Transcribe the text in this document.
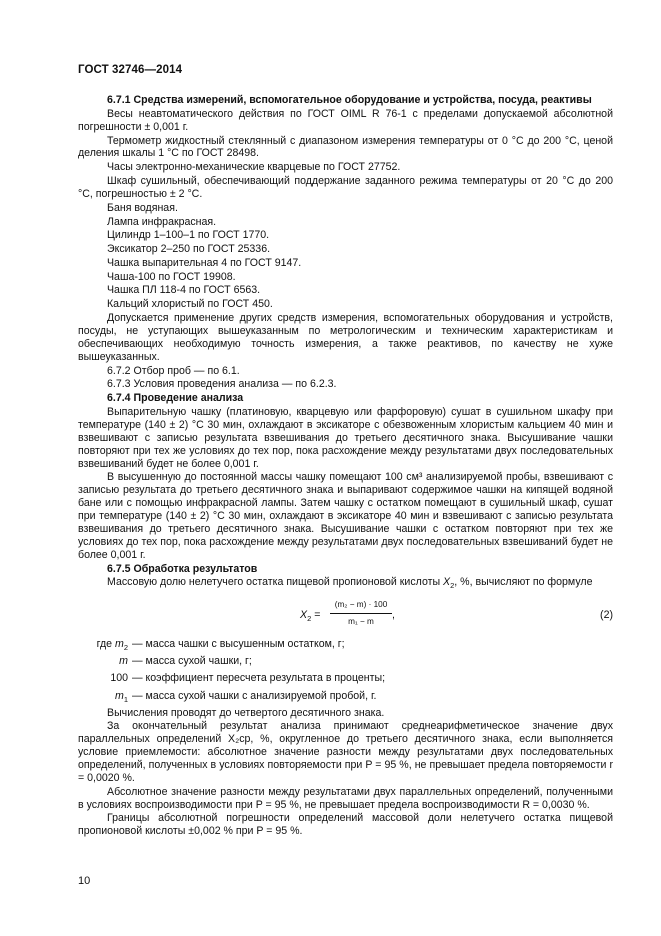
ГОСТ 32746—2014
6.7.1 Средства измерений, вспомогательное оборудование и устройства, посуда, реактивы
Весы неавтоматического действия по ГОСТ OIML R 76-1 с пределами допускаемой абсолютной погрешности ± 0,001 г.
Термометр жидкостный стеклянный с диапазоном измерения температуры от 0 °C до 200 °C, ценой деления шкалы 1 °C по ГОСТ 28498.
Часы электронно-механические кварцевые по ГОСТ 27752.
Шкаф сушильный, обеспечивающий поддержание заданного режима температуры от 20 °C до 200 °C, погрешностью ± 2 °C.
Баня водяная.
Лампа инфракрасная.
Цилиндр 1–100–1 по ГОСТ 1770.
Эксикатор 2–250 по ГОСТ 25336.
Чашка выпарительная 4 по ГОСТ 9147.
Чаша-100 по ГОСТ 19908.
Чашка ПЛ 118-4 по ГОСТ 6563.
Кальций хлористый по ГОСТ 450.
Допускается применение других средств измерения, вспомогательных оборудования и устройств, посуды, не уступающих вышеуказанным по метрологическим и техническим характеристикам и обеспечивающих необходимую точность измерения, а также реактивов, по качеству не хуже вышеуказанных.
6.7.2 Отбор проб — по 6.1.
6.7.3 Условия проведения анализа — по 6.2.3.
6.7.4 Проведение анализа
Выпарительную чашку (платиновую, кварцевую или фарфоровую) сушат в сушильном шкафу при температуре (140 ± 2) °C 30 мин, охлаждают в эксикаторе с обезвоженным хлористым кальцием 40 мин и взвешивают с записью результата взвешивания до третьего десятичного знака. Высушивание чашки повторяют при тех же условиях до тех пор, пока расхождение между результатами двух последовательных взвешиваний будет не более 0,001 г.
В высушенную до постоянной массы чашку помещают 100 см³ анализируемой пробы, взвешивают с записью результата до третьего десятичного знака и выпаривают содержимое чашки на кипящей водяной бане или с помощью инфракрасной лампы. Затем чашку с остатком помещают в сушильный шкаф, сушат при температуре (140 ± 2) °C 30 мин, охлаждают в эксикаторе 40 мин и взвешивают с записью результата взвешивания до третьего десятичного знака. Высушивание чашки с остатком повторяют при тех же условиях до тех пор, пока расхождение между результатами двух последовательных взвешиваний будет не более 0,001 г.
6.7.5 Обработка результатов
Массовую долю нелетучего остатка пищевой пропионовой кислоты $X_2$, %, вычисляют по формуле
$X_2 = \frac{\text{(m₂ − m) · 100}}{\text{m₁ − m}}$ ,	(2)
где $m_2$ — масса чашки с высушенным остатком, г;
m — масса сухой чашки, г;
100 — коэффициент пересчета результата в проценты;
$m_1$ — масса сухой чашки с анализируемой пробой, г.
Вычисления проводят до четвертого десятичного знака.
За окончательный результат анализа принимают среднеарифметическое значение двух параллельных определений X₂ср, %, округленное до третьего десятичного знака, если выполняется условие приемлемости: абсолютное значение разности между результатами двух последовательных определений, полученных в условиях повторяемости при P = 95 %, не превышает предела повторяемости r = 0,0020 %.
Абсолютное значение разности между результатами двух параллельных определений, полученными в условиях воспроизводимости при P = 95 %, не превышает предела воспроизводимости R = 0,0030 %.
Границы абсолютной погрешности определений массовой доли нелетучего остатка пищевой пропионовой кислоты ±0,002 % при P = 95 %.
10
